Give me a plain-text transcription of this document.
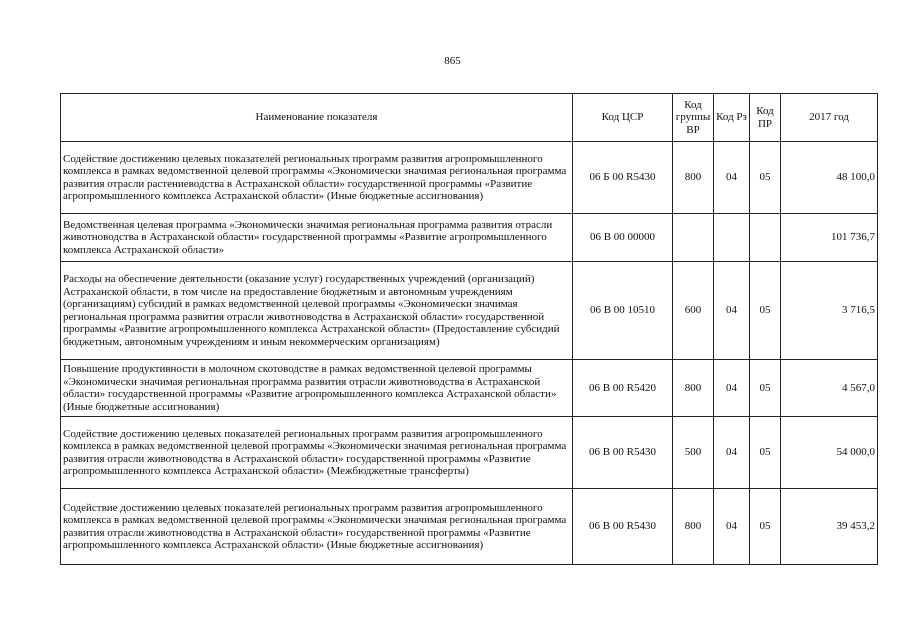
865
Наименование показателя	Код ЦСР	Код группы ВР	Код Рз	Код ПР	2017 год
Содействие достижению целевых показателей региональных программ развития агропромышленного комплекса в рамках ведомственной целевой программы «Экономически значимая региональная программа развития отрасли растениеводства в Астраханской области» государственной программы «Развитие агропромышленного комплекса Астраханской области» (Иные бюджетные ассигнования)	06 Б 00 R5430	800	04	05	48 100,0
Ведомственная целевая программа «Экономически значимая региональная программа развития отрасли животноводства в Астраханской области» государственной программы «Развитие агропромышленного комплекса Астраханской области»	06 В 00 00000				101 736,7
Расходы на обеспечение деятельности (оказание услуг) государственных учреждений (организаций) Астраханской области, в том числе на предоставление бюджетным и автономным учреждениям (организациям) субсидий в рамках ведомственной целевой программы «Экономически значимая региональная программа развития отрасли животноводства в Астраханской области» государственной программы «Развитие агропромышленного комплекса Астраханской области» (Предоставление субсидий бюджетным, автономным учреждениям и иным некоммерческим организациям)	06 В 00 10510	600	04	05	3 716,5
Повышение продуктивности в молочном скотоводстве в рамках ведомственной целевой программы «Экономически значимая региональная программа развития отрасли животноводства в Астраханской области» государственной программы «Развитие агропромышленного комплекса Астраханской области» (Иные бюджетные ассигнования)	06 В 00 R5420	800	04	05	4 567,0
Содействие достижению целевых показателей региональных программ развития агропромышленного комплекса в рамках ведомственной целевой программы «Экономически значимая региональная программа развития отрасли животноводства в Астраханской области» государственной программы «Развитие агропромышленного комплекса Астраханской области» (Межбюджетные трансферты)	06 В 00 R5430	500	04	05	54 000,0
Содействие достижению целевых показателей региональных программ развития агропромышленного комплекса в рамках ведомственной целевой программы «Экономически значимая региональная программа развития отрасли животноводства в Астраханской области» государственной программы «Развитие агропромышленного комплекса Астраханской области» (Иные бюджетные ассигнования)	06 В 00 R5430	800	04	05	39 453,2
